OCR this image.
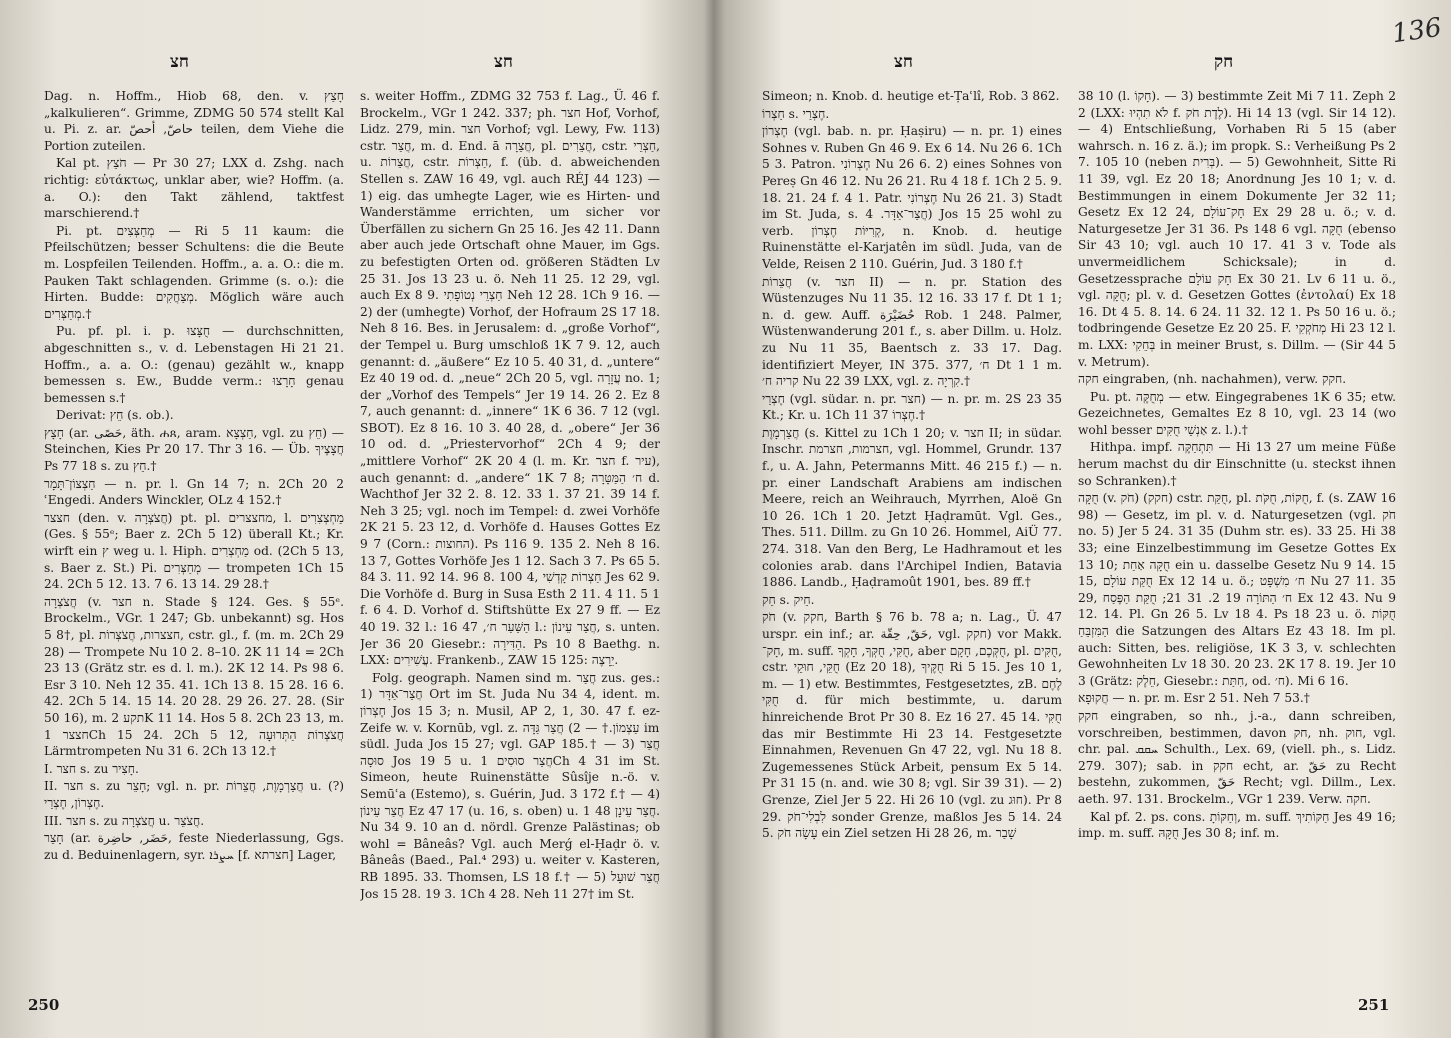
חצ	חצ

Dag. n. Hoffm., Hiob 68, den. v. חָצַץ „kalkulieren“. Grimme, ZDMG 50 574 stellt Kal u. Pi. z. ar. حاصّ, أحصّ teilen, dem Viehe die Portion zuteilen.

Kal pt. חֹצֵץ — Pr 30 27; LXX d. Zshg. nach richtig: εὐτάκτως, unklar aber, wie? Hoffm. (a. a. O.): den Takt zählend, taktfest marschierend.†

Pi. pt. מְחַצְּצִים — Ri 5 11 kaum: die Pfeilschützen; besser Schultens: die die Beute m. Lospfeilen Teilenden. Hoffm., a. a. O.: die m. Pauken Takt schlagenden. Grimme (s. o.): die Hirten. Budde: מְצַחֲקִים. Möglich wäre auch מְחַצְּרִים.†

Pu. pf. pl. i. p. חֻצָּצוּ — durchschnitten, abgeschnitten s., v. d. Lebenstagen Hi 21 21. Hoffm., a. a. O.: (genau) gezählt w., knapp bemessen s. Ew., Budde verm.: חָרָצוּ genau bemessen s.†

Derivat: חֵץ (s. ob.).

חָצָץ (ar. حَصًى, äth. ሐጸ, aram. חַצְצָא, vgl. zu חֵץ) — Steinchen, Kies Pr 20 17. Thr 3 16. — Üb. חֲצָצֶיךָ Ps 77 18 s. zu חֵץ.†

חַצְצוֹן־תָּמָר — n. pr. l. Gn 14 7; n. 2Ch 20 2 ʿEngedi. Anders Winckler, OLz 4 152.†

חצצר (den. v. חֲצֹצְרָה) pt. pl. מחצצרים, l. מַחְצְצִרִים (Ges. § 55ᵉ; Baer z. 2Ch 5 12) überall Kt.; Kr. wirft ein ץ weg u. l. Hiph. מַחְצְרִים od. (2Ch 5 13, s. Baer z. St.) Pi. מְחַצְּרִים — trompeten 1Ch 15 24. 2Ch 5 12. 13. 7 6. 13 14. 29 28.†

חֲצֹצְרָה (v. חצר n. Stade § 124. Ges. § 55ᵉ. Brockelm., VGr. 1 247; Gb. unbekannt) sg. Hos 5 8†, pl. חצצרות, חֲצֹצְרוֹת, cstr. gl., f. (m. m. 2Ch 29 28) — Trompete Nu 10 2. 8–10. 2K 11 14 = 2Ch 23 13 (Grätz str. es d. l. m.). 2K 12 14. Ps 98 6. Esr 3 10. Neh 12 35. 41. 1Ch 13 8. 15 28. 16 6. 42. 2Ch 5 14. 15 14. 20 28. 29 26. 27. 28. (Sir 50 16), m. תקע 2K 11 14. Hos 5 8. 2Ch 23 13, m. חצצר 1Ch 15 24. 2Ch 5 12, חֲצֹצְרוֹת הַתְּרוּעָה Lärmtrompeten Nu 31 6. 2Ch 13 12.†

I. חצר s. zu חָצִיר.

II. חצר s. zu חָצֵר; vgl. n. pr. חֲצַרְמָוֶת, חֲצֵרוֹת u. (?) חֶצְרוֹן, חֶצְרַי.

III. חצר s. zu חֲצֹצְרָה u. חֲצֹצֵר.

חָצֵר (ar. حَضَر, حاضِرة, feste Niederlassung, Ggs. zu d. Beduinenlagern, syr. ܚܨܪܐ [f. חצרתא] Lager,

s. weiter Hoffm., ZDMG 32 753 f. Lag., Ü. 46 f. Brockelm., VGr 1 242. 337; ph. חצר Hof, Vorhof, Lidz. 279, min. חצר Vorhof; vgl. Lewy, Fw. 113) cstr. חֲצַר, m. d. End. ā חֲצֵרָה, pl. חֲצֵרִים, cstr. חַצְרֵי, u. חֲצֵרוֹת, cstr. חַצְרוֹת, f. (üb. d. abweichenden Stellen s. ZAW 16 49, vgl. auch RÉJ 44 123) — 1) eig. das umhegte Lager, wie es Hirten- und Wanderstämme errichten, um sicher vor Überfällen zu sichern Gn 25 16. Jes 42 11. Dann aber auch jede Ortschaft ohne Mauer, im Ggs. zu befestigten Orten od. größeren Städten Lv 25 31. Jos 13 23 u. ö. Neh 11 25. 12 29, vgl. auch Ex 8 9. חַצְרֵי נְטוֹפָתִי Neh 12 28. 1Ch 9 16. — 2) der (umhegte) Vorhof, der Hofraum 2S 17 18. Neh 8 16. Bes. in Jerusalem: d. „große Vorhof“, der Tempel u. Burg umschloß 1K 7 9. 12, auch genannt: d. „äußere“ Ez 10 5. 40 31, d. „untere“ Ez 40 19 od. d. „neue“ 2Ch 20 5, vgl. עֲזָרָה no. 1; der „Vorhof des Tempels“ Jer 19 14. 26 2. Ez 8 7, auch genannt: d. „innere“ 1K 6 36. 7 12 (vgl. SBOT). Ez 8 16. 10 3. 40 28, d. „obere“ Jer 36 10 od. d. „Priestervorhof“ 2Ch 4 9; der „mittlere Vorhof“ 2K 20 4 (l. m. Kr. חצר f. עיר), auch genannt: d. „andere“ 1K 7 8; ח׳ הַמַּטָּרָה d. Wachthof Jer 32 2. 8. 12. 33 1. 37 21. 39 14 f. Neh 3 25; vgl. noch im Tempel: d. zwei Vorhöfe 2K 21 5. 23 12, d. Vorhöfe d. Hauses Gottes Ez 9 7 (Corn.: החוצות). Ps 116 9. 135 2. Neh 8 16. 13 7, Gottes Vorhöfe Jes 1 12. Sach 3 7. Ps 65 5. 84 3. 11. 92 14. 96 8. 100 4, חַצְרוֹת קָדְשִׁי Jes 62 9. Die Vorhöfe d. Burg in Susa Esth 2 11. 4 11. 5 1 f. 6 4. D. Vorhof d. Stiftshütte Ex 27 9 ff. — Ez 40 19. 32 l.: הַשַּׁעַר ח׳, 47 16 l.: חֲצַר עֵינוֹן, s. unten. Jer 36 20 Giesebr.: הַדִּירָה. Ps 10 8 Baethg. n. LXX: עֲשִׁירִים. Frankenb., ZAW 15 125: יֵרָצֶה.

Folg. geograph. Namen sind m. חֲצַר zus. ges.: 1) חֲצַר־אַדָּר Ort im St. Juda Nu 34 4, ident. m. חֶצְרוֹן Jos 15 3; n. Musil, AP 2, 1, 30. 47 f. ez-Zeife w. v. Kornūb, vgl. z. עַצְמוֹן.† — 2) חֲצַר גַּדָּה im südl. Juda Jos 15 27; vgl. GAP 185.† — 3) חֲצַר סוּסָה Jos 19 5 u. חֲצַר סוּסִים 1Ch 4 31 im St. Simeon, heute Ruinenstätte Sûsîje n.-ö. v. Semūʿa (Estemo), s. Guérin, Jud. 3 172 f.† — 4) חֲצַר עֵינוֹן Ez 47 17 (u. 16, s. oben) u. חֲצַר עֵינָן 48 1. Nu 34 9. 10 an d. nördl. Grenze Palästinas; ob wohl = Bâneâs? Vgl. auch Merǵ el-Ḥaḍr ö. v. Bâneâs (Baed., Pal.⁴ 293) u. weiter v. Kasteren, RB 1895. 33. Thomsen, LS 18 f.† — 5) חֲצַר שׁוּעָל Jos 15 28. 19 3. 1Ch 4 28. Neh 11 27† im St.

250
חצ	חק

Simeon; n. Knob. d. heutige et-Ṭaʿlî, Rob. 3 862.

חַצְרוֹ s. חֶצְרַי.

חֶצְרוֹן (vgl. bab. n. pr. Ḥaṣiru) — n. pr. 1) eines Sohnes v. Ruben Gn 46 9. Ex 6 14. Nu 26 6. 1Ch 5 3. Patron. חֶצְרוֹנִי Nu 26 6. 2) eines Sohnes von Pereṣ Gn 46 12. Nu 26 21. Ru 4 18 f. 1Ch 2 5. 9. 18. 21. 24 f. 4 1. Patr. חֶצְרוֹנִי Nu 26 21. 3) Stadt im St. Juda, s. חֲצַר־אַדָּר. 4) Jos 15 25 wohl zu verb. קְרִיּוֹת חֶצְרוֹן, n. Knob. d. heutige Ruinenstätte el-Karjatên im südl. Juda, van de Velde, Reisen 2 110. Guérin, Jud. 3 180 f.†

חֲצֵרוֹת (v. חצר II) — n. pr. Station des Wüstenzuges Nu 11 35. 12 16. 33 17 f. Dt 1 1; n. d. gew. Auff. حُضَيْرَة Rob. 1 248. Palmer, Wüstenwanderung 201 f., s. aber Dillm. u. Holz. zu Nu 11 35, Baentsch z. 33 17. Dag. identifiziert Meyer, IN 375. 377, ח׳ Dt 1 1 m. קריה ח׳ Nu 22 39 LXX, vgl. z. קִרְיָה.†

חֶצְרַי (vgl. südar. n. pr. חצר) — n. pr. m. 2S 23 35 Kt.; Kr. u. 1Ch 11 37 חֶצְרוֹ.†

חֲצַרְמָוֶת (s. Kittel zu 1Ch 1 20; v. חצר II; in südar. Inschr. חצרמות, חצרמת, vgl. Hommel, Grundr. 137 f., u. A. Jahn, Petermanns Mitt. 46 215 f.) — n. pr. einer Landschaft Arabiens am indischen Meere, reich an Weihrauch, Myrrhen, Aloë Gn 10 26. 1Ch 1 20. Jetzt Ḥaḍramūt. Vgl. Ges., Thes. 511. Dillm. zu Gn 10 26. Hommel, AiÜ 77. 274. 318. Van den Berg, Le Hadhramout et les colonies arab. dans l'Archipel Indien, Batavia 1886. Landb., Ḥaḍramoût 1901, bes. 89 ff.†

חֵק s. חֵיק.

חֹק (v. חקק, Barth § 76 b. 78 a; n. Lag., Ü. 47 urspr. ein inf.; ar. حَقّ, حِقّة, vgl. חקק) vor Makk. חָק־, m. suff. חֻקִּי, חֻקְּךָ, חָקְךָ, aber חֻקְּכֶם, חָקָם, pl. חֻקִּים, cstr. חֻקֵּי, חוּקֵי (Ez 20 18), חֻקֶּיךָ Ri 5 15. Jes 10 1, m. — 1) etw. Bestimmtes, Festgesetztes, zB. לֶחֶם חֻקִּי d. für mich bestimmte, u. darum hinreichende Brot Pr 30 8. Ez 16 27. 45 14. חֻקִּי das mir Bestimmte Hi 23 14. Festgesetzte Einnahmen, Revenuen Gn 47 22, vgl. Nu 18 8. Zugemessenes Stück Arbeit, pensum Ex 5 14. Pr 31 15 (n. and. wie 30 8; vgl. Sir 39 31). — 2) Grenze, Ziel Jer 5 22. Hi 26 10 (vgl. zu חוּג). Pr 8 29. לִבְלִי־חֹק sonder Grenze, maßlos Jes 5 14. 24 5. עָשָׂה חֹק ein Ziel setzen Hi 28 26, m. שָׁבַר

38 10 (l. חָקוֹ). — 3) bestimmte Zeit Mi 7 11. Zeph 2 2 (LXX: לֹא תִהְיוּ f. לֶדֶת חֹק). Hi 14 13 (vgl. Sir 14 12). — 4) Entschließung, Vorhaben Ri 5 15 (aber wahrsch. n. 16 z. ä.); im propk. S.: Verheißung Ps 2 7. 105 10 (neben בְּרִית). — 5) Gewohnheit, Sitte Ri 11 39, vgl. Ez 20 18; Anordnung Jes 10 1; v. d. Bestimmungen in einem Dokumente Jer 32 11; Gesetz Ex 12 24, חָק־עוֹלָם Ex 29 28 u. ö.; v. d. Naturgesetze Jer 31 36. Ps 148 6 vgl. חֻקָּה (ebenso Sir 43 10; vgl. auch 10 17. 41 3 v. Tode als unvermeidlichem Schicksale); in d. Gesetzessprache חָק עוֹלָם Ex 30 21. Lv 6 11 u. ö., vgl. חֻקָּה; pl. v. d. Gesetzen Gottes (ἐντολαί) Ex 18 16. Dt 4 5. 8. 14. 6 24. 11 32. 12 1. Ps 50 16 u. ö.; todbringende Gesetze Ez 20 25. F. מְחֹקְקִי Hi 23 12 l. m. LXX: בְּחֵקִי in meiner Brust, s. Dillm. — (Sir 44 5 v. Metrum).

חקה eingraben, (nh. nachahmen), verw. חקק.

Pu. pt. מְחֻקֶּה — etw. Eingegrabenes 1K 6 35; etw. Gezeichnetes, Gemaltes Ez 8 10, vgl. 23 14 (wo wohl besser אַנְשֵׁי חֻקִּים z. l.).†

Hithpa. impf. תִּתְחַקֶּה — Hi 13 27 um meine Füße herum machst du dir Einschnitte (u. steckst ihnen so Schranken).†

חֻקָּה (v. חֹק) (חקק) cstr. חֻקַּת, pl. חֻקּוֹת, חֻקֹּת, f. (s. ZAW 16 98) — Gesetz, im pl. v. d. Naturgesetzen (vgl. חֹק no. 5) Jer 5 24. 31 35 (Duhm str. es). 33 25. Hi 38 33; eine Einzelbestimmung im Gesetze Gottes Ex 13 10; חֻקָּה אַחַת ein u. dasselbe Gesetz Nu 9 14. 15 15, חֻקַּת עוֹלָם Ex 12 14 u. ö.; ח׳ מִשְׁפָּט Nu 27 11. 35 29, ח׳ הַתּוֹרָה 19 2. 31 21; חֻקַּת הַפֶּסַח Ex 12 43. Nu 9 12. 14. Pl. Gn 26 5. Lv 18 4. Ps 18 23 u. ö. חֻקּוֹת הַמִּזְבֵּחַ die Satzungen des Altars Ez 43 18. Im pl. auch: Sitten, bes. religiöse, 1K 3 3, v. schlechten Gewohnheiten Lv 18 30. 20 23. 2K 17 8. 19. Jer 10 3 (Grätz: חֵלֶק, Giesebr.: חִתַּת, od. ח׳). Mi 6 16.

חֲקוּפָא — n. pr. m. Esr 2 51. Neh 7 53.†

חקק eingraben, so nh., j.-a., dann schreiben, vorschreiben, bestimmen, davon חק, nh. חוק, vgl. chr. pal. ܚܩܩ Schulth., Lex. 69, (viell. ph., s. Lidz. 279. 307); sab. in חקק echt, ar. حَقّ zu Recht bestehn, zukommen, حَقّ Recht; vgl. Dillm., Lex. aeth. 97. 131. Brockelm., VGr 1 239. Verw. חקה.

Kal pf. 2. ps. cons. וְחַקּוֹתָ, m. suff. חַקּוֹתִיךְ Jes 49 16; imp. m. suff. חֻקָּהּ Jes 30 8; inf. m.

251
136
